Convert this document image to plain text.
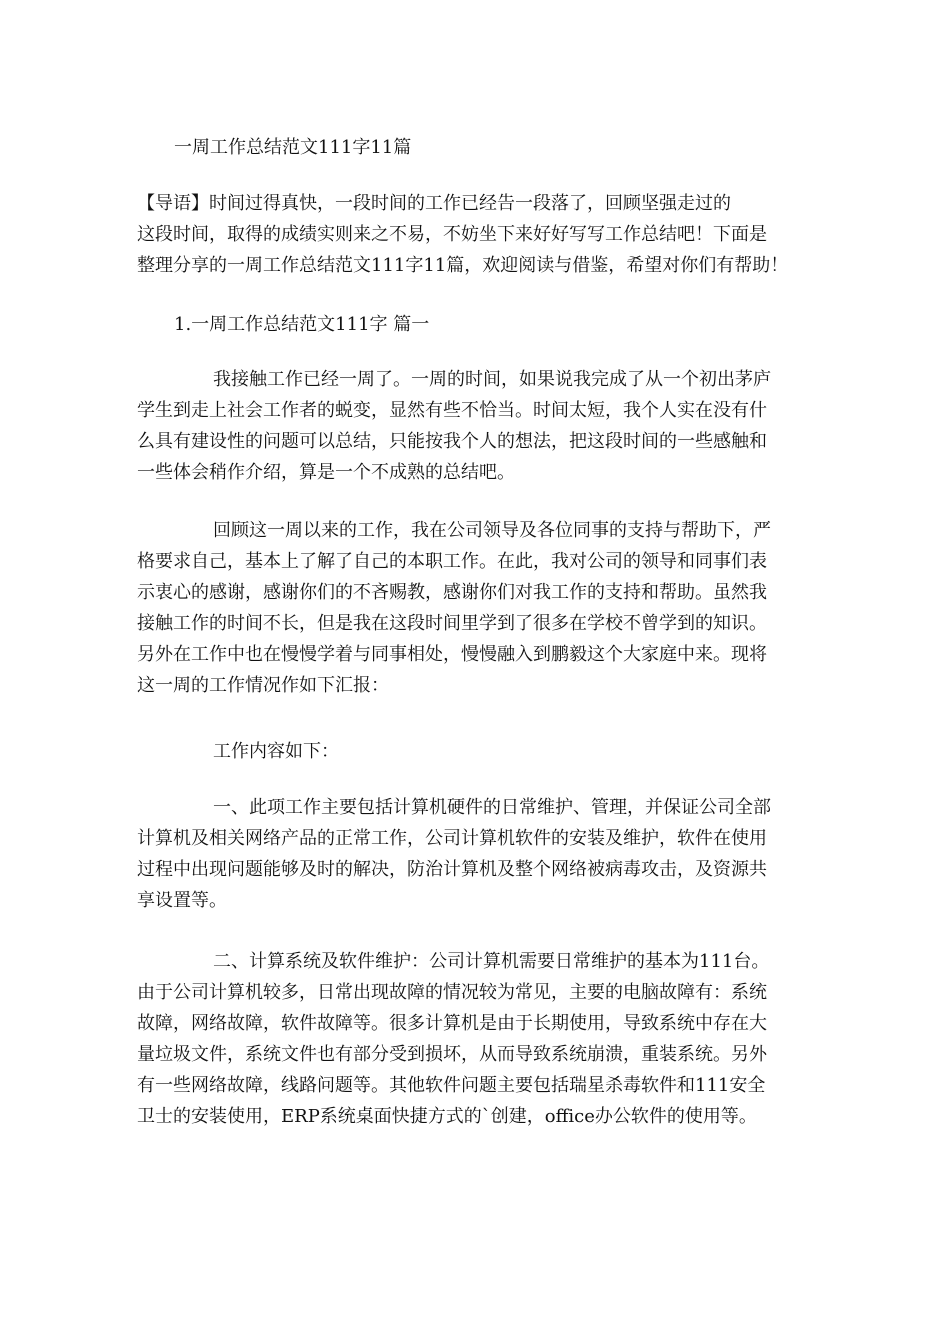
一周工作总结范文111字11篇
【导语】时间过得真快，一段时间的工作已经告一段落了，回顾坚强走过的
这段时间，取得的成绩实则来之不易，不妨坐下来好好写写工作总结吧！下面是
整理分享的一周工作总结范文111字11篇，欢迎阅读与借鉴，希望对你们有帮助！

1.一周工作总结范文111字 篇一

我接触工作已经一周了。一周的时间，如果说我完成了从一个初出茅庐
学生到走上社会工作者的蜕变，显然有些不恰当。时间太短，我个人实在没有什
么具有建设性的问题可以总结，只能按我个人的想法，把这段时间的一些感触和
一些体会稍作介绍，算是一个不成熟的总结吧。
回顾这一周以来的工作，我在公司领导及各位同事的支持与帮助下，严
格要求自己，基本上了解了自己的本职工作。在此，我对公司的领导和同事们表
示衷心的感谢，感谢你们的不吝赐教，感谢你们对我工作的支持和帮助。虽然我
接触工作的时间不长，但是我在这段时间里学到了很多在学校不曾学到的知识。
另外在工作中也在慢慢学着与同事相处，慢慢融入到鹏毅这个大家庭中来。现将
这一周的工作情况作如下汇报：
工作内容如下：
一、此项工作主要包括计算机硬件的日常维护、管理，并保证公司全部
计算机及相关网络产品的正常工作，公司计算机软件的安装及维护，软件在使用
过程中出现问题能够及时的解决，防治计算机及整个网络被病毒攻击，及资源共
享设置等。
二、计算系统及软件维护：公司计算机需要日常维护的基本为111台。
由于公司计算机较多，日常出现故障的情况较为常见，主要的电脑故障有：系统
故障，网络故障，软件故障等。很多计算机是由于长期使用，导致系统中存在大
量垃圾文件，系统文件也有部分受到损坏，从而导致系统崩溃，重装系统。另外
有一些网络故障，线路问题等。其他软件问题主要包括瑞星杀毒软件和111安全
卫士的安装使用，ERP系统桌面快捷方式的`创建，office办公软件的使用等。
